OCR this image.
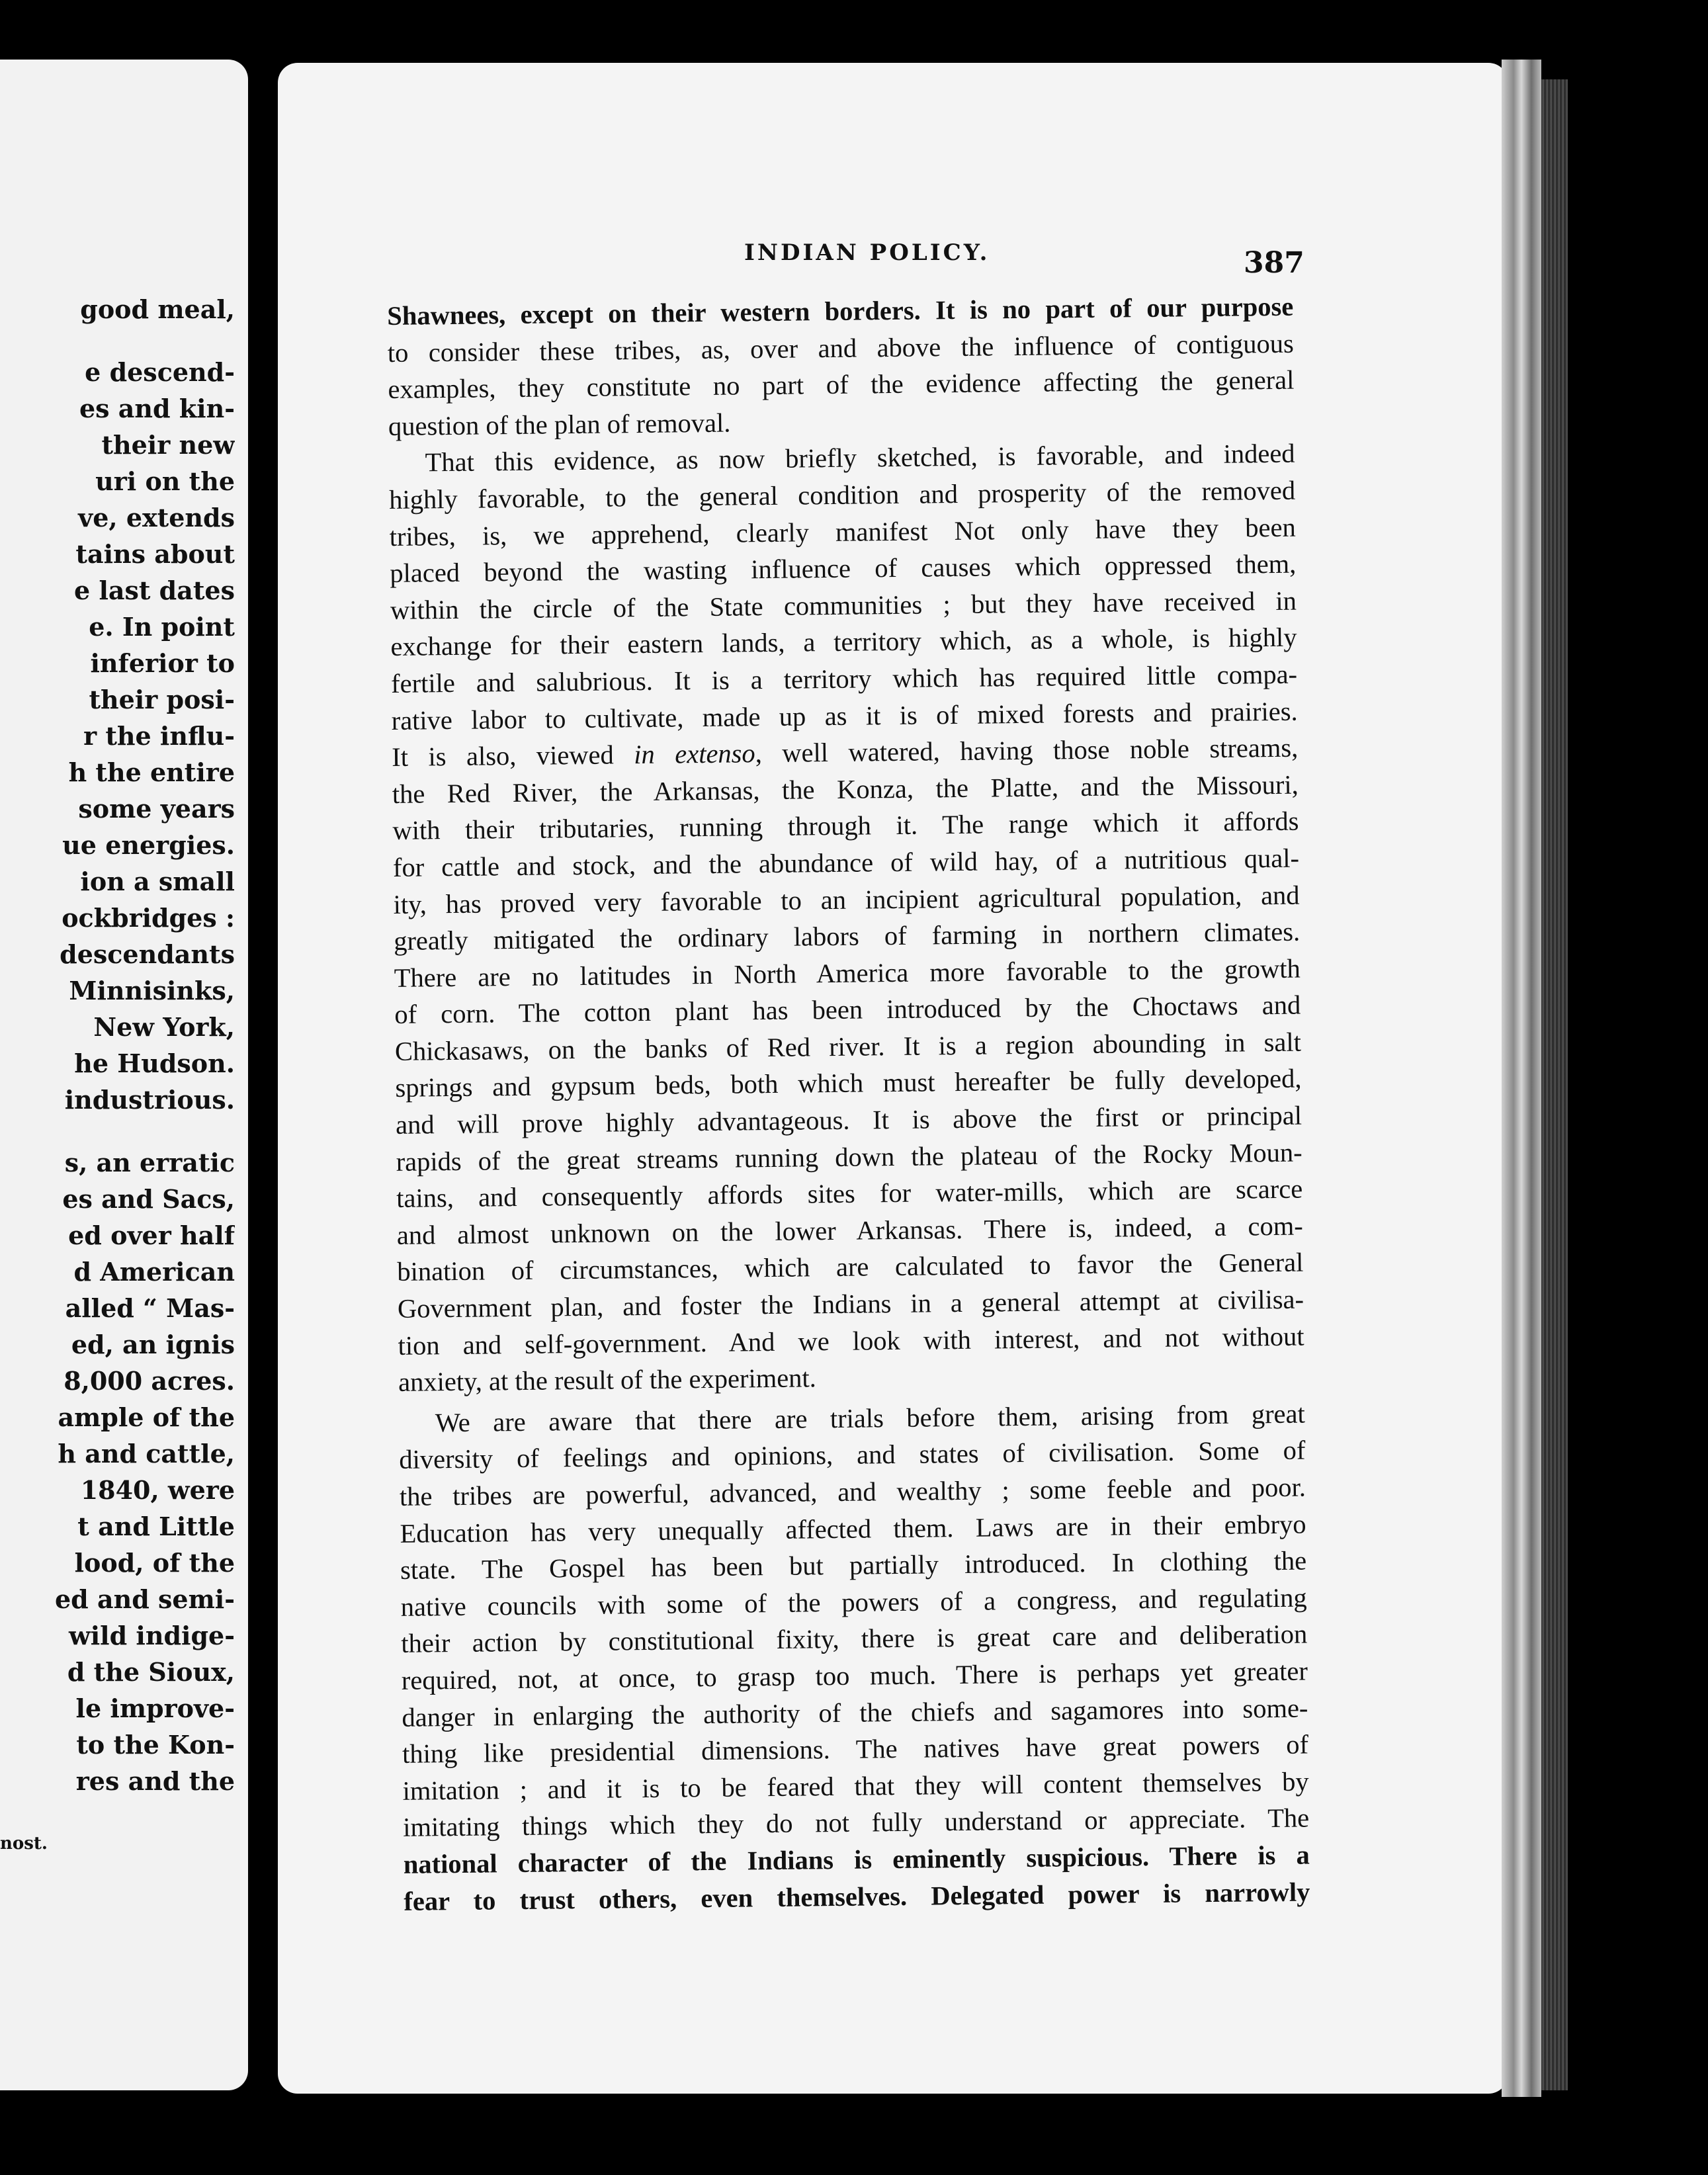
good meal,
e descend-
es and kin-
their new
uri on the
ve, extends
tains about
e last dates
e. In point
inferior to
their posi-
r the influ-
h the entire
some years
ue energies.
ion a small
ockbridges :
descendants
Minnisinks,
New York,
he Hudson.
industrious.
s, an erratic
es and Sacs,
ed over half
d American
alled “ Mas-
ed, an ignis
8,000 acres.
ample of the
h and cattle,
1840, were
t and Little
lood, of the
ed and semi-
wild indige-
d the Sioux,
le improve-
to the Kon-
res and the
nost.
INDIAN POLICY.	387
Shawnees, except on their western borders. It is no part of our purpose
to consider these tribes, as, over and above the influence of contiguous
examples, they constitute no part of the evidence affecting the general
question of the plan of removal.
That this evidence, as now briefly sketched, is favorable, and indeed
highly favorable, to the general condition and prosperity of the removed
tribes, is, we apprehend, clearly manifest Not only have they been
placed beyond the wasting influence of causes which oppressed them,
within the circle of the State communities ; but they have received in
exchange for their eastern lands, a territory which, as a whole, is highly
fertile and salubrious. It is a territory which has required little compa-
rative labor to cultivate, made up as it is of mixed forests and prairies.
It is also, viewed in extenso, well watered, having those noble streams,
the Red River, the Arkansas, the Konza, the Platte, and the Missouri,
with their tributaries, running through it. The range which it affords
for cattle and stock, and the abundance of wild hay, of a nutritious qual-
ity, has proved very favorable to an incipient agricultural population, and
greatly mitigated the ordinary labors of farming in northern climates.
There are no latitudes in North America more favorable to the growth
of corn. The cotton plant has been introduced by the Choctaws and
Chickasaws, on the banks of Red river. It is a region abounding in salt
springs and gypsum beds, both which must hereafter be fully developed,
and will prove highly advantageous. It is above the first or principal
rapids of the great streams running down the plateau of the Rocky Moun-
tains, and consequently affords sites for water-mills, which are scarce
and almost unknown on the lower Arkansas. There is, indeed, a com-
bination of circumstances, which are calculated to favor the General
Government plan, and foster the Indians in a general attempt at civilisa-
tion and self-government. And we look with interest, and not without
anxiety, at the result of the experiment.
We are aware that there are trials before them, arising from great
diversity of feelings and opinions, and states of civilisation. Some of
the tribes are powerful, advanced, and wealthy ; some feeble and poor.
Education has very unequally affected them. Laws are in their embryo
state. The Gospel has been but partially introduced. In clothing the
native councils with some of the powers of a congress, and regulating
their action by constitutional fixity, there is great care and deliberation
required, not, at once, to grasp too much. There is perhaps yet greater
danger in enlarging the authority of the chiefs and sagamores into some-
thing like presidential dimensions. The natives have great powers of
imitation ; and it is to be feared that they will content themselves by
imitating things which they do not fully understand or appreciate. The
national character of the Indians is eminently suspicious. There is a
fear to trust others, even themselves. Delegated power is narrowly
